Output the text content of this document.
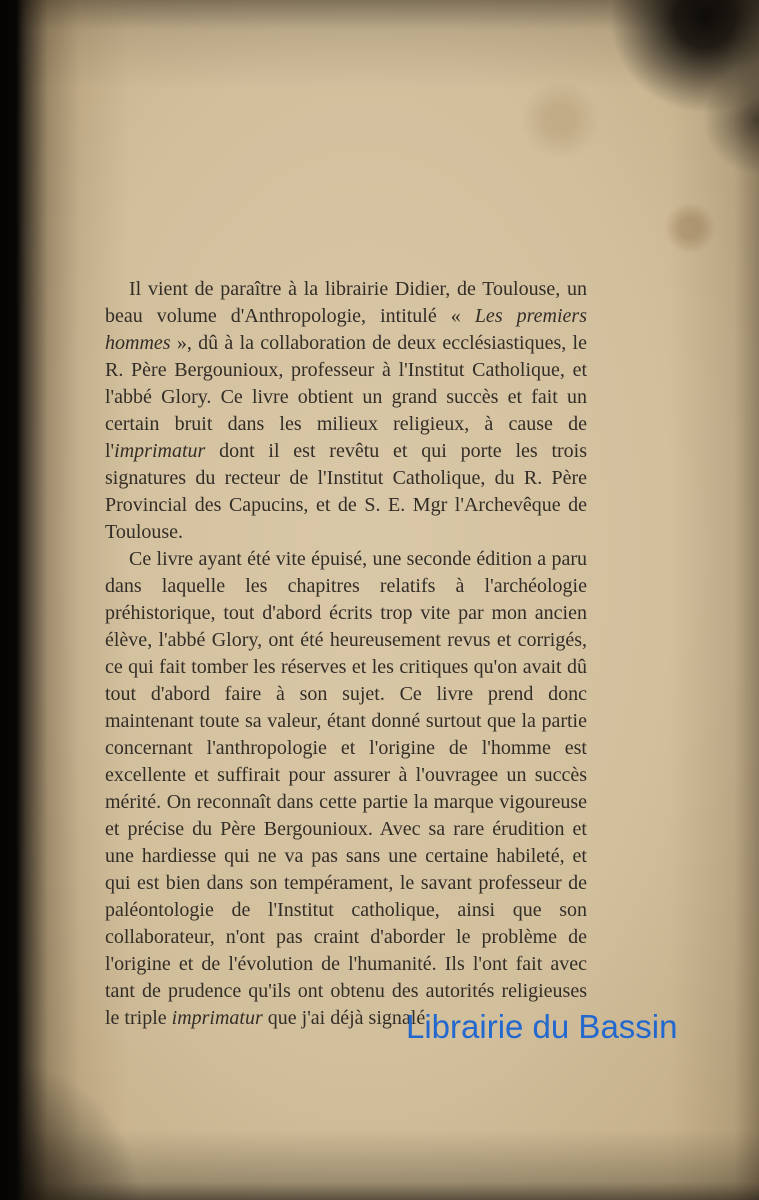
Il vient de paraître à la librairie Didier, de Toulouse, un beau volume d'Anthropologie, intitulé « Les premiers hommes », dû à la collaboration de deux ecclésiastiques, le R. Père Bergounioux, professeur à l'Institut Catholique, et l'abbé Glory. Ce livre obtient un grand succès et fait un certain bruit dans les milieux religieux, à cause de l'imprimatur dont il est revêtu et qui porte les trois signatures du recteur de l'Institut Catholique, du R. Père Provincial des Capucins, et de S. E. Mgr l'Archevêque de Toulouse.

Ce livre ayant été vite épuisé, une seconde édition a paru dans laquelle les chapitres relatifs à l'archéologie préhistorique, tout d'abord écrits trop vite par mon ancien élève, l'abbé Glory, ont été heureusement revus et corrigés, ce qui fait tomber les réserves et les critiques qu'on avait dû tout d'abord faire à son sujet. Ce livre prend donc maintenant toute sa valeur, étant donné surtout que la partie concernant l'anthropologie et l'origine de l'homme est excellente et suffirait pour assurer à l'ouvragee un succès mérité. On reconnaît dans cette partie la marque vigoureuse et précise du Père Bergounioux. Avec sa rare érudition et une hardiesse qui ne va pas sans une certaine habileté, et qui est bien dans son tempérament, le savant professeur de paléontologie de l'Institut catholique, ainsi que son collaborateur, n'ont pas craint d'aborder le problème de l'origine et de l'évolution de l'humanité. Ils l'ont fait avec tant de prudence qu'ils ont obtenu des autorités religieuses le triple imprimatur que j'ai déjà signalé.

Librairie du Bassin
